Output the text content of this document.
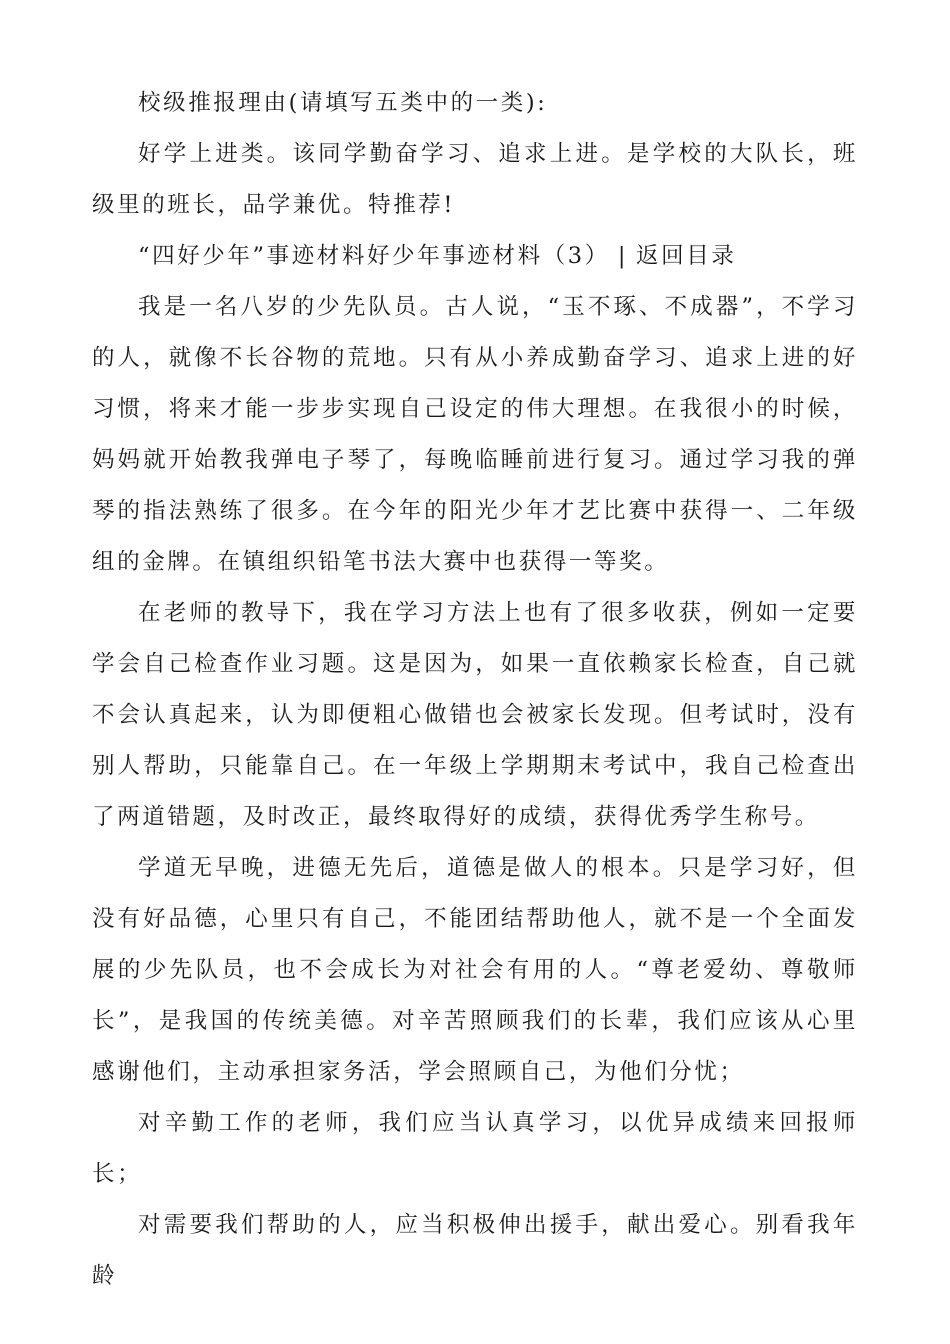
校级推报理由(请填写五类中的一类):

好学上进类。该同学勤奋学习、追求上进。是学校的大队长，班级里的班长，品学兼优。特推荐!

“四好少年”事迹材料好少年事迹材料（3） | 返回目录

我是一名八岁的少先队员。古人说，“玉不琢、不成器”，不学习的人，就像不长谷物的荒地。只有从小养成勤奋学习、追求上进的好习惯，将来才能一步步实现自己设定的伟大理想。在我很小的时候，妈妈就开始教我弹电子琴了，每晚临睡前进行复习。通过学习我的弹琴的指法熟练了很多。在今年的阳光少年才艺比赛中获得一、二年级组的金牌。在镇组织铅笔书法大赛中也获得一等奖。

在老师的教导下，我在学习方法上也有了很多收获，例如一定要学会自己检查作业习题。这是因为，如果一直依赖家长检查，自己就不会认真起来，认为即便粗心做错也会被家长发现。但考试时，没有别人帮助，只能靠自己。在一年级上学期期末考试中，我自己检查出了两道错题，及时改正，最终取得好的成绩，获得优秀学生称号。

学道无早晚，进德无先后，道德是做人的根本。只是学习好，但没有好品德，心里只有自己，不能团结帮助他人，就不是一个全面发展的少先队员，也不会成长为对社会有用的人。“尊老爱幼、尊敬师长”，是我国的传统美德。对辛苦照顾我们的长辈，我们应该从心里感谢他们，主动承担家务活，学会照顾自己，为他们分忧；

对辛勤工作的老师，我们应当认真学习，以优异成绩来回报师长；

对需要我们帮助的人，应当积极伸出援手，献出爱心。别看我年龄
